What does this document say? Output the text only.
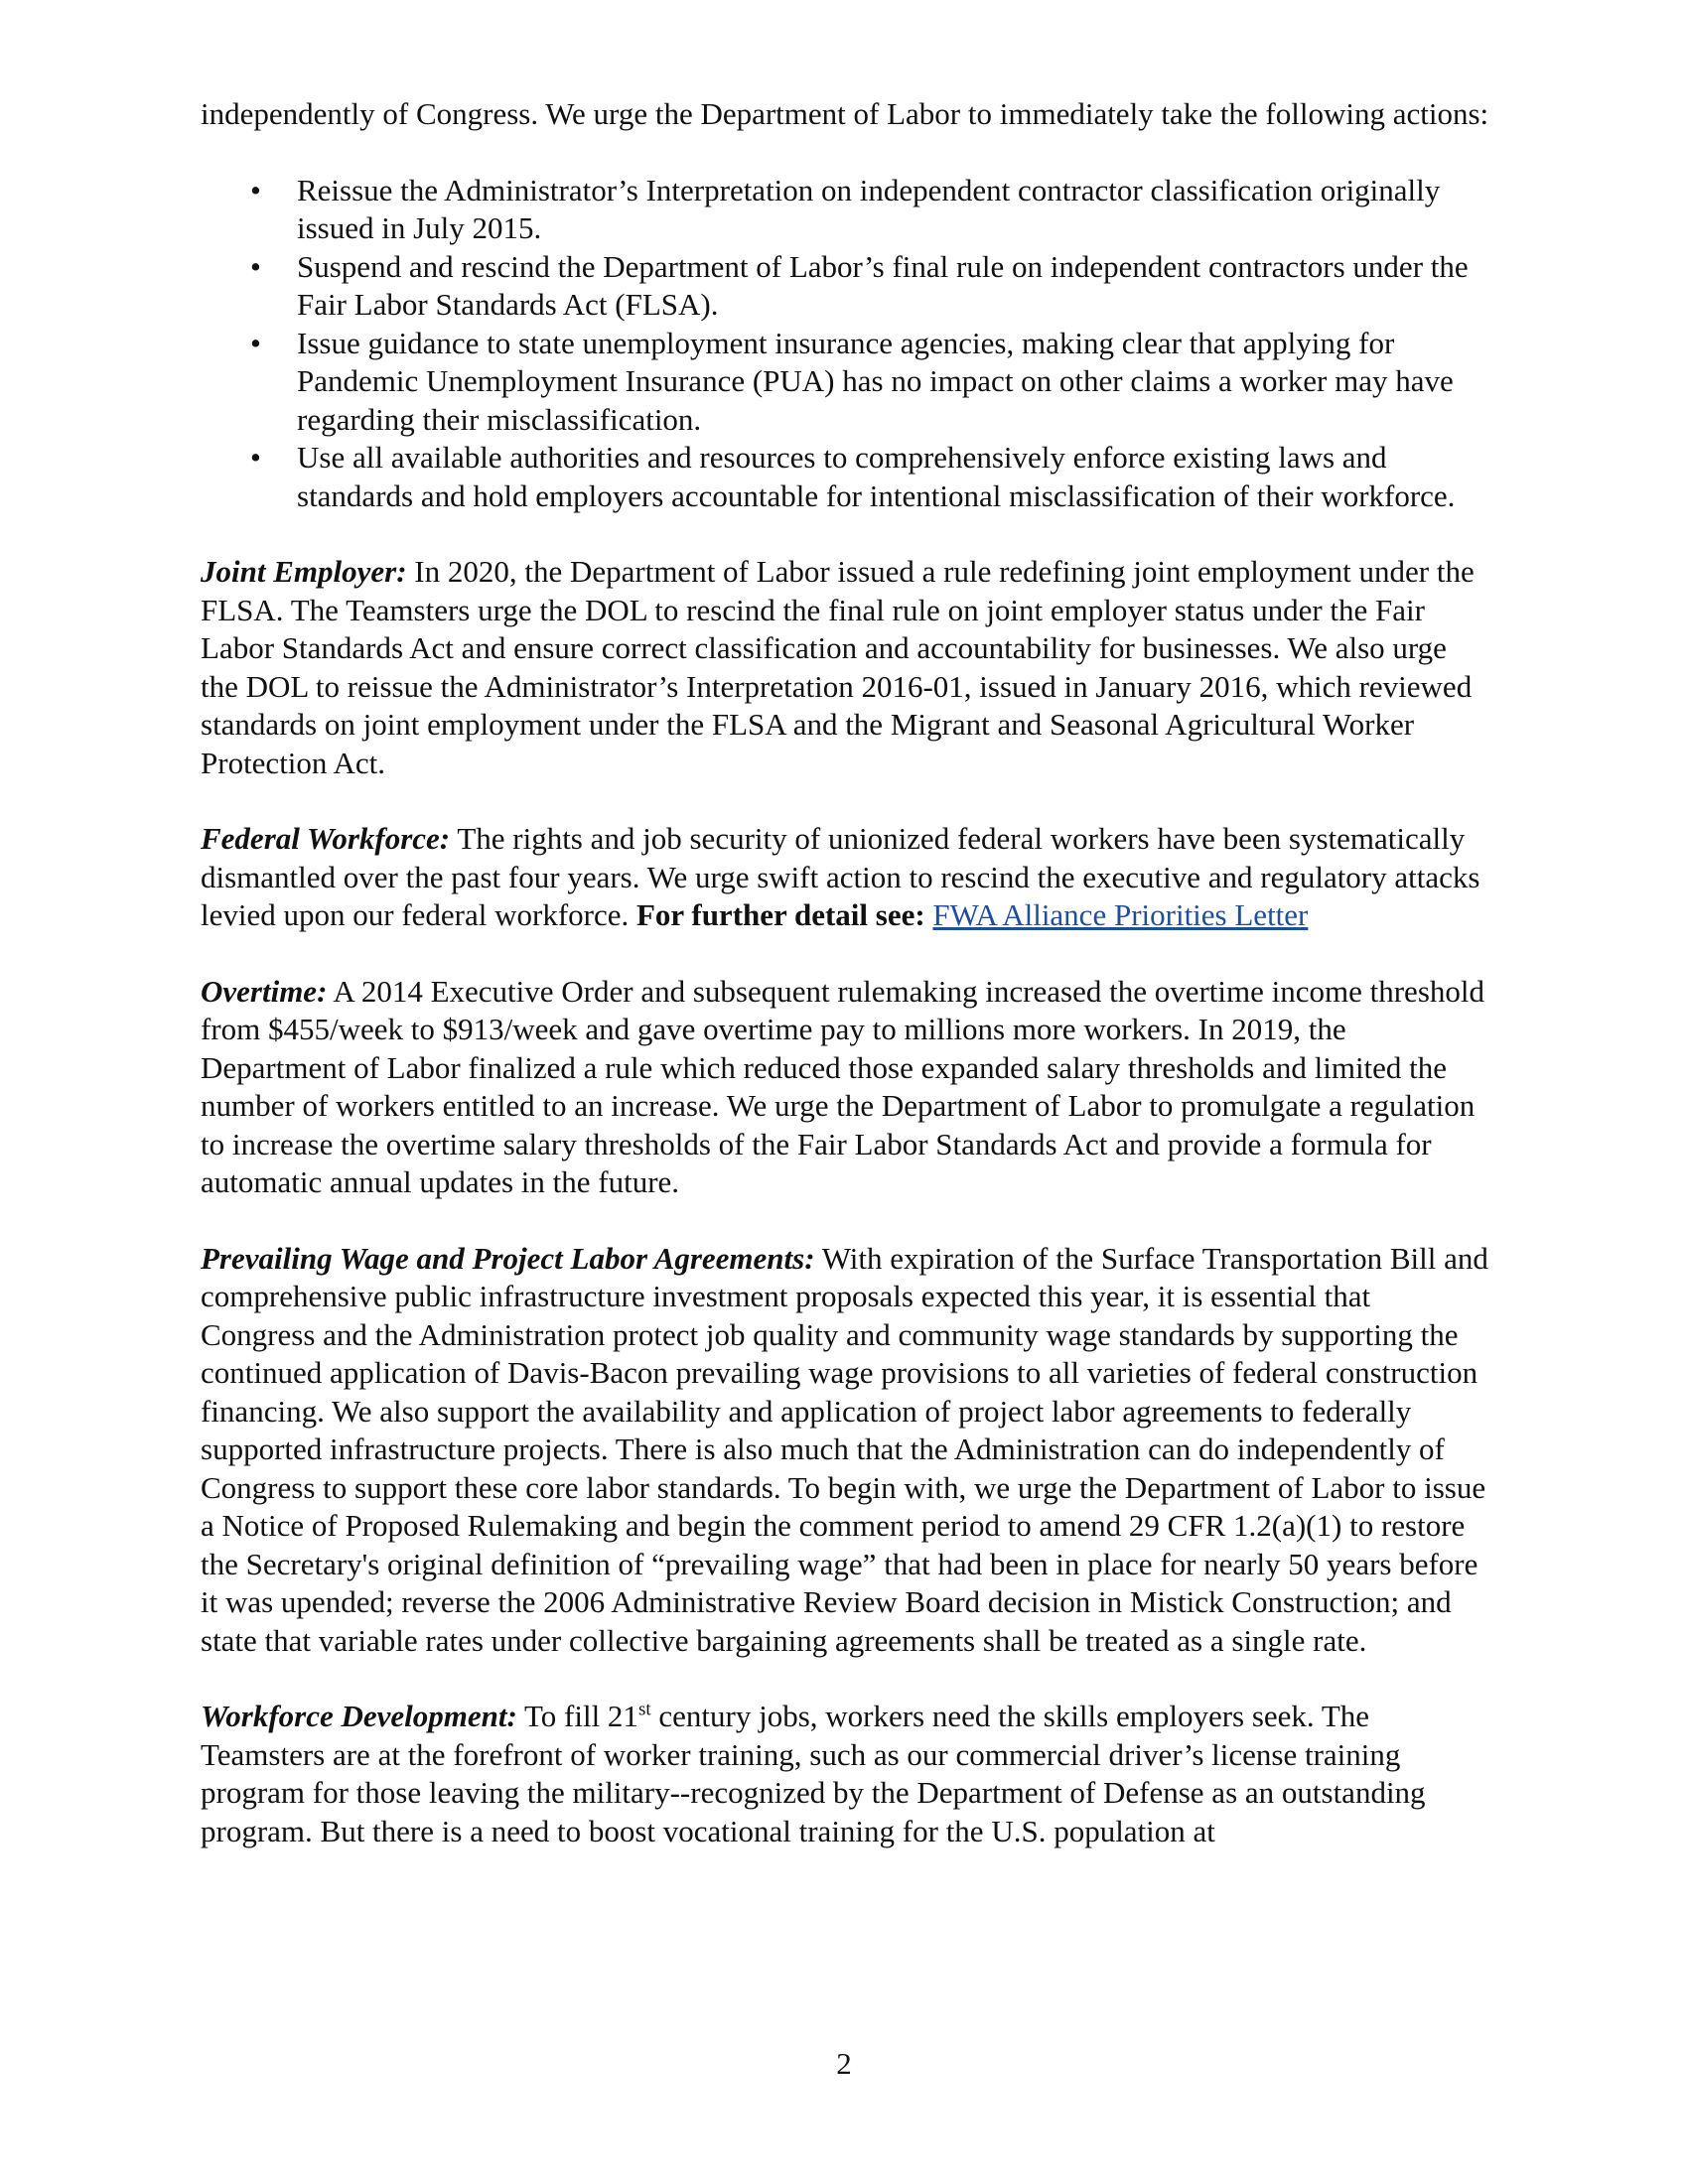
independently of Congress. We urge the Department of Labor to immediately take the following actions:

• Reissue the Administrator’s Interpretation on independent contractor classification originally issued in July 2015.
• Suspend and rescind the Department of Labor’s final rule on independent contractors under the Fair Labor Standards Act (FLSA).
• Issue guidance to state unemployment insurance agencies, making clear that applying for Pandemic Unemployment Insurance (PUA) has no impact on other claims a worker may have regarding their misclassification.
• Use all available authorities and resources to comprehensively enforce existing laws and standards and hold employers accountable for intentional misclassification of their workforce.

Joint Employer: In 2020, the Department of Labor issued a rule redefining joint employment under the FLSA. The Teamsters urge the DOL to rescind the final rule on joint employer status under the Fair Labor Standards Act and ensure correct classification and accountability for businesses. We also urge the DOL to reissue the Administrator’s Interpretation 2016-01, issued in January 2016, which reviewed standards on joint employment under the FLSA and the Migrant and Seasonal Agricultural Worker Protection Act.

Federal Workforce: The rights and job security of unionized federal workers have been systematically dismantled over the past four years. We urge swift action to rescind the executive and regulatory attacks levied upon our federal workforce. For further detail see: FWA Alliance Priorities Letter

Overtime: A 2014 Executive Order and subsequent rulemaking increased the overtime income threshold from $455/week to $913/week and gave overtime pay to millions more workers. In 2019, the Department of Labor finalized a rule which reduced those expanded salary thresholds and limited the number of workers entitled to an increase. We urge the Department of Labor to promulgate a regulation to increase the overtime salary thresholds of the Fair Labor Standards Act and provide a formula for automatic annual updates in the future.

Prevailing Wage and Project Labor Agreements: With expiration of the Surface Transportation Bill and comprehensive public infrastructure investment proposals expected this year, it is essential that Congress and the Administration protect job quality and community wage standards by supporting the continued application of Davis-Bacon prevailing wage provisions to all varieties of federal construction financing. We also support the availability and application of project labor agreements to federally supported infrastructure projects. There is also much that the Administration can do independently of Congress to support these core labor standards. To begin with, we urge the Department of Labor to issue a Notice of Proposed Rulemaking and begin the comment period to amend 29 CFR 1.2(a)(1) to restore the Secretary's original definition of “prevailing wage” that had been in place for nearly 50 years before it was upended; reverse the 2006 Administrative Review Board decision in Mistick Construction; and state that variable rates under collective bargaining agreements shall be treated as a single rate.

Workforce Development: To fill 21st century jobs, workers need the skills employers seek. The Teamsters are at the forefront of worker training, such as our commercial driver’s license training program for those leaving the military--recognized by the Department of Defense as an outstanding program. But there is a need to boost vocational training for the U.S. population at

2
